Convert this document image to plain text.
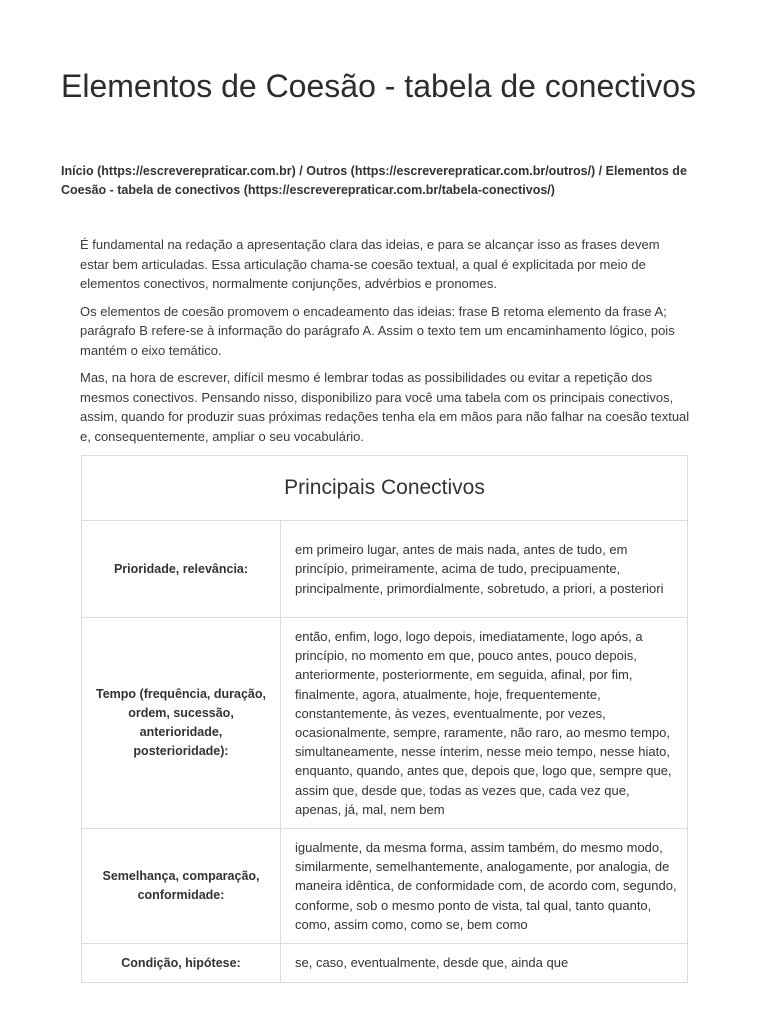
Elementos de Coesão - tabela de conectivos
Início (https://escreverepraticar.com.br) / Outros (https://escreverepraticar.com.br/outros/) / Elementos de Coesão - tabela de conectivos (https://escreverepraticar.com.br/tabela-conectivos/)

É fundamental na redação a apresentação clara das ideias, e para se alcançar isso as frases devem estar bem articuladas. Essa articulação chama-se coesão textual, a qual é explicitada por meio de elementos conectivos, normalmente conjunções, advérbios e pronomes.

Os elementos de coesão promovem o encadeamento das ideias: frase B retoma elemento da frase A; parágrafo B refere-se à informação do parágrafo A. Assim o texto tem um encaminhamento lógico, pois mantém o eixo temático.

Mas, na hora de escrever, difícil mesmo é lembrar todas as possibilidades ou evitar a repetição dos mesmos conectivos. Pensando nisso, disponibilizo para você uma tabela com os principais conectivos, assim, quando for produzir suas próximas redações tenha ela em mãos para não falhar na coesão textual e, consequentemente, ampliar o seu vocabulário.

Principais Conectivos	
Prioridade, relevância:	em primeiro lugar, antes de mais nada, antes de tudo, em princípio, primeiramente, acima de tudo, precipuamente, principalmente, primordialmente, sobretudo, a priori, a posteriori
Tempo (frequência, duração, ordem, sucessão, anterioridade, posterioridade):	então, enfim, logo, logo depois, imediatamente, logo após, a princípio, no momento em que, pouco antes, pouco depois, anteriormente, posteriormente, em seguida, afinal, por fim, finalmente, agora, atualmente, hoje, frequentemente, constantemente, às vezes, eventualmente, por vezes, ocasionalmente, sempre, raramente, não raro, ao mesmo tempo, simultaneamente, nesse ínterim, nesse meio tempo, nesse hiato, enquanto, quando, antes que, depois que, logo que, sempre que, assim que, desde que, todas as vezes que, cada vez que, apenas, já, mal, nem bem
Semelhança, comparação, conformidade:	igualmente, da mesma forma, assim também, do mesmo modo, similarmente, semelhantemente, analogamente, por analogia, de maneira idêntica, de conformidade com, de acordo com, segundo, conforme, sob o mesmo ponto de vista, tal qual, tanto quanto, como, assim como, como se, bem como
Condição, hipótese:	se, caso, eventualmente, desde que, ainda que
